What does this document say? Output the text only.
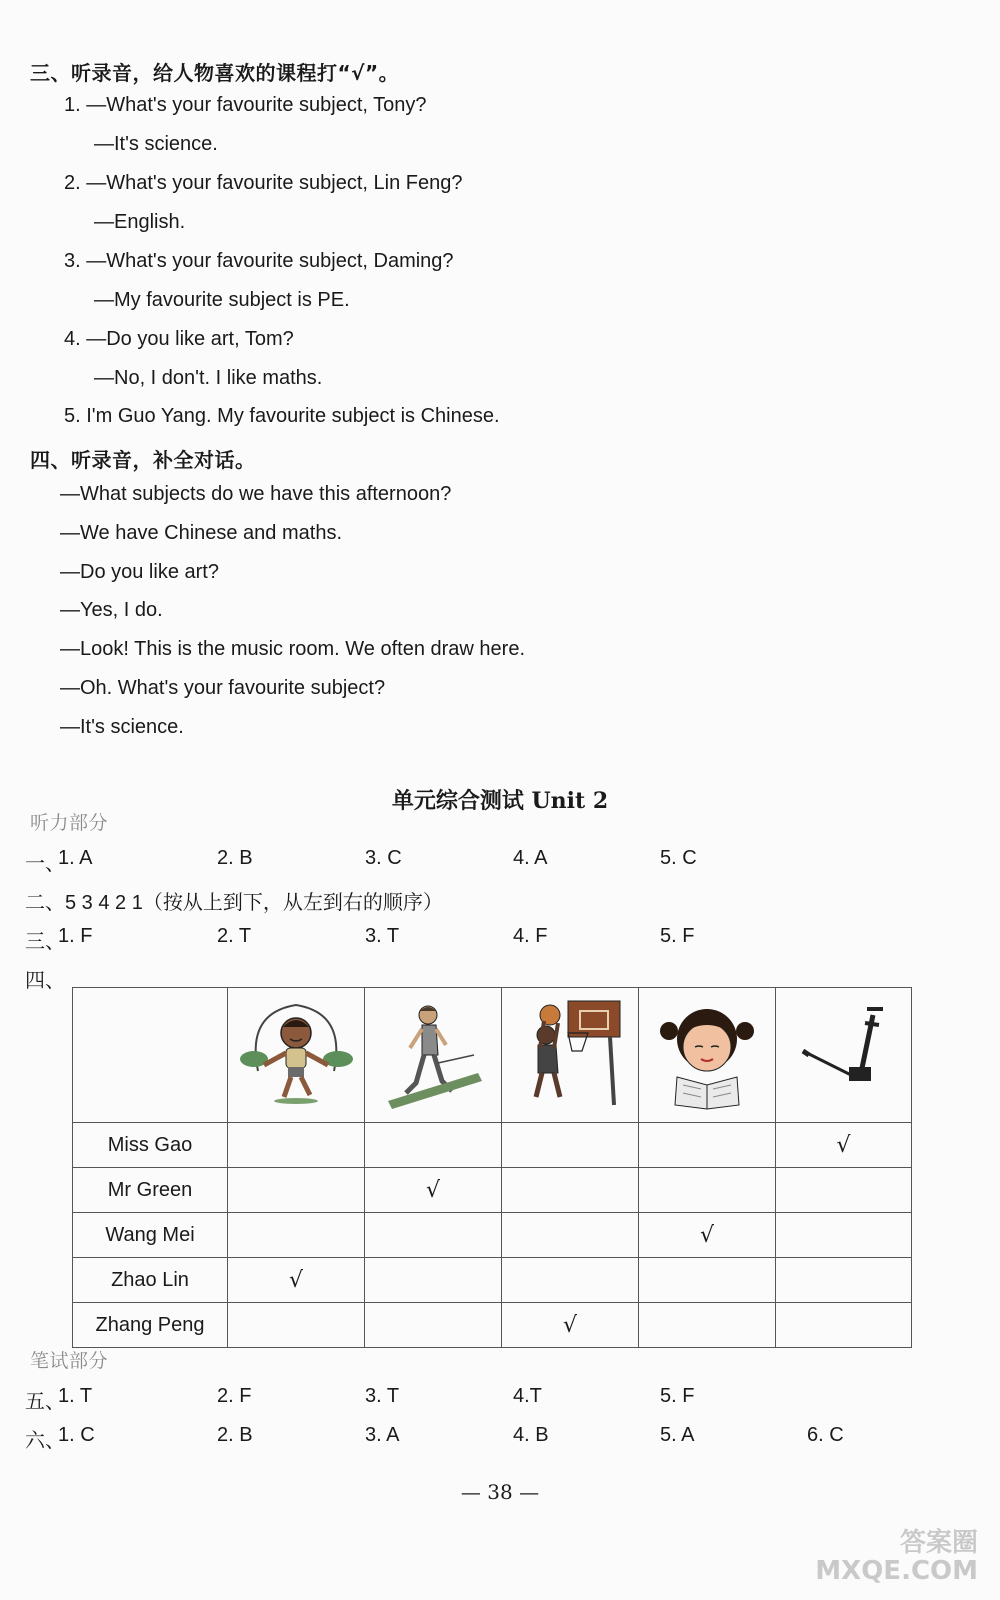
三、听录音，给人物喜欢的课程打“√”。
1. —What's your favourite subject, Tony?
—It's science.
2. —What's your favourite subject, Lin Feng?
—English.
3. —What's your favourite subject, Daming?
—My favourite subject is PE.
4. —Do you like art, Tom?
—No, I don't. I like maths.
5. I'm Guo Yang. My favourite subject is Chinese.
四、听录音，补全对话。
—What subjects do we have this afternoon?
—We have Chinese and maths.
—Do you like art?
—Yes, I do.
—Look! This is the music room. We often draw here.
—Oh. What's your favourite subject?
—It's science.
单元综合测试 Unit 2
听力部分
一、
1. A	2. B	3. C	4. A	5. C
二、5 3 4 2 1（按从上到下，从左到右的顺序）
三、
1. F	2. T	3. T	4. F	5. F
四、

Miss Gao					√
Mr Green		√			
Wang Mei				√	
Zhao Lin	√				
Zhang Peng			√		
笔试部分
五、
1. T	2. F	3. T	4.T	5. F
六、
1. C	2. B	3. A	4. B	5. A	6. C
— 38 —
答案圈
MXQE.COM
